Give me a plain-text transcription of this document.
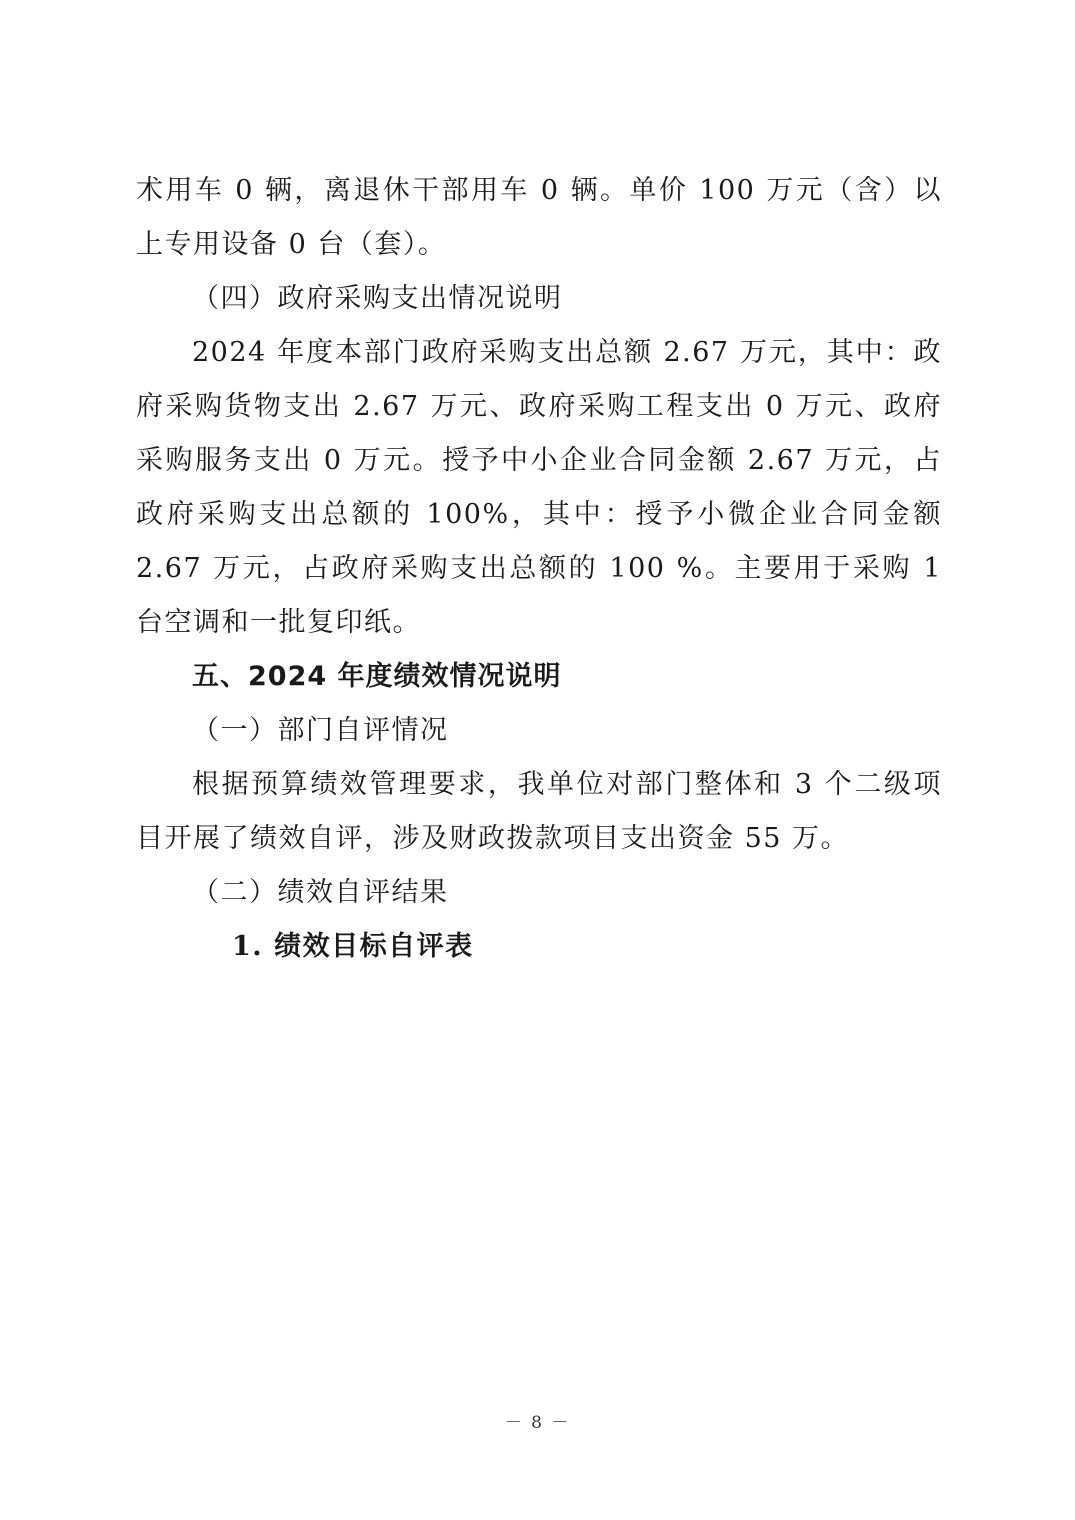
术用车 0 辆，离退休干部用车 0 辆。单价 100 万元（含）以上专用设备 0 台（套）。

（四）政府采购支出情况说明

2024 年度本部门政府采购支出总额 2.67 万元，其中：政府采购货物支出 2.67 万元、政府采购工程支出 0 万元、政府采购服务支出 0 万元。授予中小企业合同金额 2.67 万元，占政府采购支出总额的 100%，其中：授予小微企业合同金额 2.67 万元，占政府采购支出总额的 100 %。主要用于采购 1 台空调和一批复印纸。

五、2024 年度绩效情况说明

（一）部门自评情况

根据预算绩效管理要求，我单位对部门整体和 3 个二级项目开展了绩效自评，涉及财政拨款项目支出资金 55 万。

（二）绩效自评结果

1. 绩效目标自评表

－ 8 －
